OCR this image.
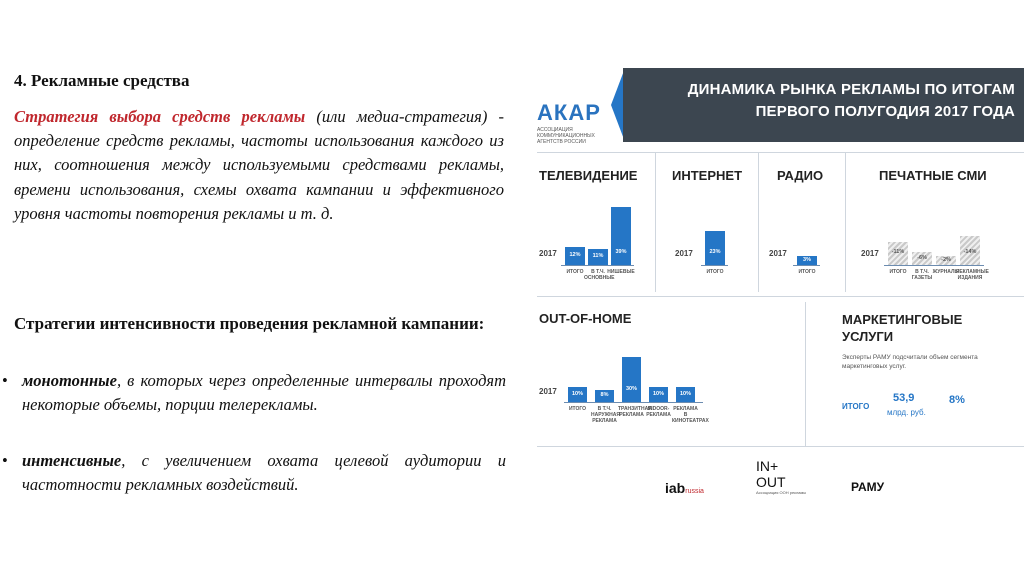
4. Рекламные средства
Стратегия выбора средств рекламы (или медиа-стратегия) - определение средств рекламы, частоты использования каждого из них, соотношения между используемыми средствами рекламы, времени использования, схемы охвата кампании и эффективного уровня частоты повторения рекламы и т. д.
Стратегии интенсивности проведения рекламной кампании:
• монотонные, в которых через определенные интервалы проходят некоторые объемы, порции телерекламы.
• интенсивные, с увеличением охвата целевой аудитории и частотности рекламных воздействий.
ДИНАМИКА РЫНКА РЕКЛАМЫ ПО ИТОГАМ
ПЕРВОГО ПОЛУГОДИЯ 2017 ГОДА
АКАР
АССОЦИАЦИЯ КОММУНИКАЦИОННЫХ АГЕНТСТВ РОССИИ
ТЕЛЕВИДЕНИЕ	ИНТЕРНЕТ	РАДИО	ПЕЧАТНЫЕ СМИ
OUT-OF-HOME	МАРКЕТИНГОВЫЕ
УСЛУГИ
2017	2017	2017	2017
2017
12%
ИТОГО
11%
В Т.Ч. ОСНОВНЫЕ
39%
НИШЕВЫЕ
23%
ИТОГО
3%
ИТОГО
-11%
ИТОГО
-6%
В Т.Ч. ГАЗЕТЫ
-2%
ЖУРНАЛЫ
-14%
РЕКЛАМНЫЕ ИЗДАНИЯ
10%
ИТОГО
8%
В Т.Ч. НАРУЖНАЯ РЕКЛАМА
30%
ТРАНЗИТНАЯ РЕКЛАМА
10%
INDOOR-РЕКЛАМА
10%
РЕКЛАМА В КИНОТЕАТРАХ
Эксперты РАМУ подсчитали объем сегмента маркетинговых услуг.
ИТОГО
53,9
млрд. руб.
8%
iabrussia
IN+
OUT
Ассоциация ООН рекламы	РАМУ
